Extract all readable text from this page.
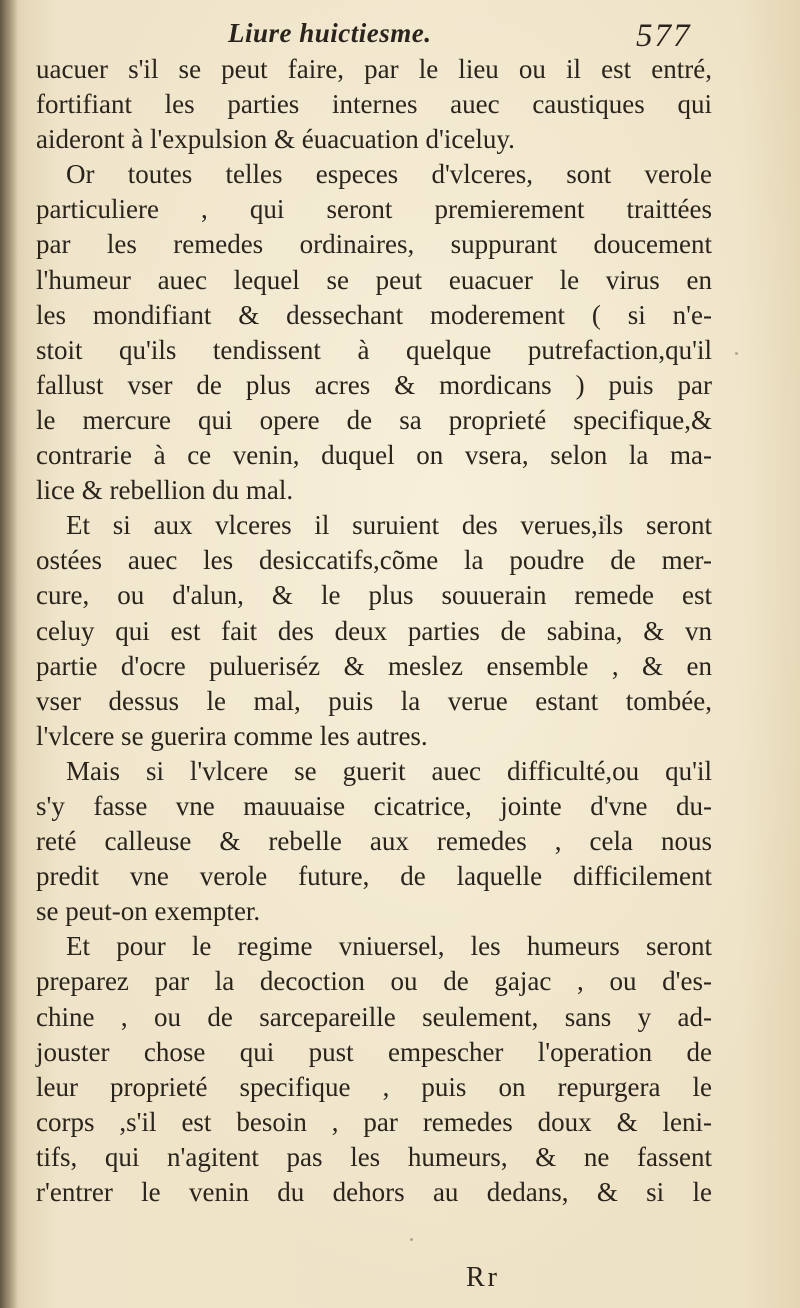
Liure huictiesme.	577
uacuer s'il se peut faire, par le lieu ou il est entré,
fortifiant les parties internes auec caustiques qui
aideront à l'expulsion & éuacuation d'iceluy.
Or toutes telles especes d'vlceres, sont verole
particuliere , qui seront premierement traittées
par les remedes ordinaires, suppurant doucement
l'humeur auec lequel se peut euacuer le virus en
les mondifiant & dessechant moderement ( si n'e-
stoit qu'ils tendissent à quelque putrefaction,qu'il
fallust vser de plus acres & mordicans ) puis par
le mercure qui opere de sa proprieté specifique,&
contrarie à ce venin, duquel on vsera, selon la ma-
lice & rebellion du mal.
Et si aux vlceres il suruient des verues,ils seront
ostées auec les desiccatifs,cõme la poudre de mer-
cure, ou d'alun, & le plus souuerain remede est
celuy qui est fait des deux parties de sabina, & vn
partie d'ocre pulueriséz & meslez ensemble , & en
vser dessus le mal, puis la verue estant tombée,
l'vlcere se guerira comme les autres.
Mais si l'vlcere se guerit auec difficulté,ou qu'il
s'y fasse vne mauuaise cicatrice, jointe d'vne du-
reté calleuse & rebelle aux remedes , cela nous
predit vne verole future, de laquelle difficilement
se peut-on exempter.
Et pour le regime vniuersel, les humeurs seront
preparez par la decoction ou de gajac , ou d'es-
chine , ou de sarcepareille seulement, sans y ad-
jouster chose qui pust empescher l'operation de
leur proprieté specifique , puis on repurgera le
corps ,s'il est besoin , par remedes doux & leni-
tifs, qui n'agitent pas les humeurs, & ne fassent
r'entrer le venin du dehors au dedans, & si le
Rr
